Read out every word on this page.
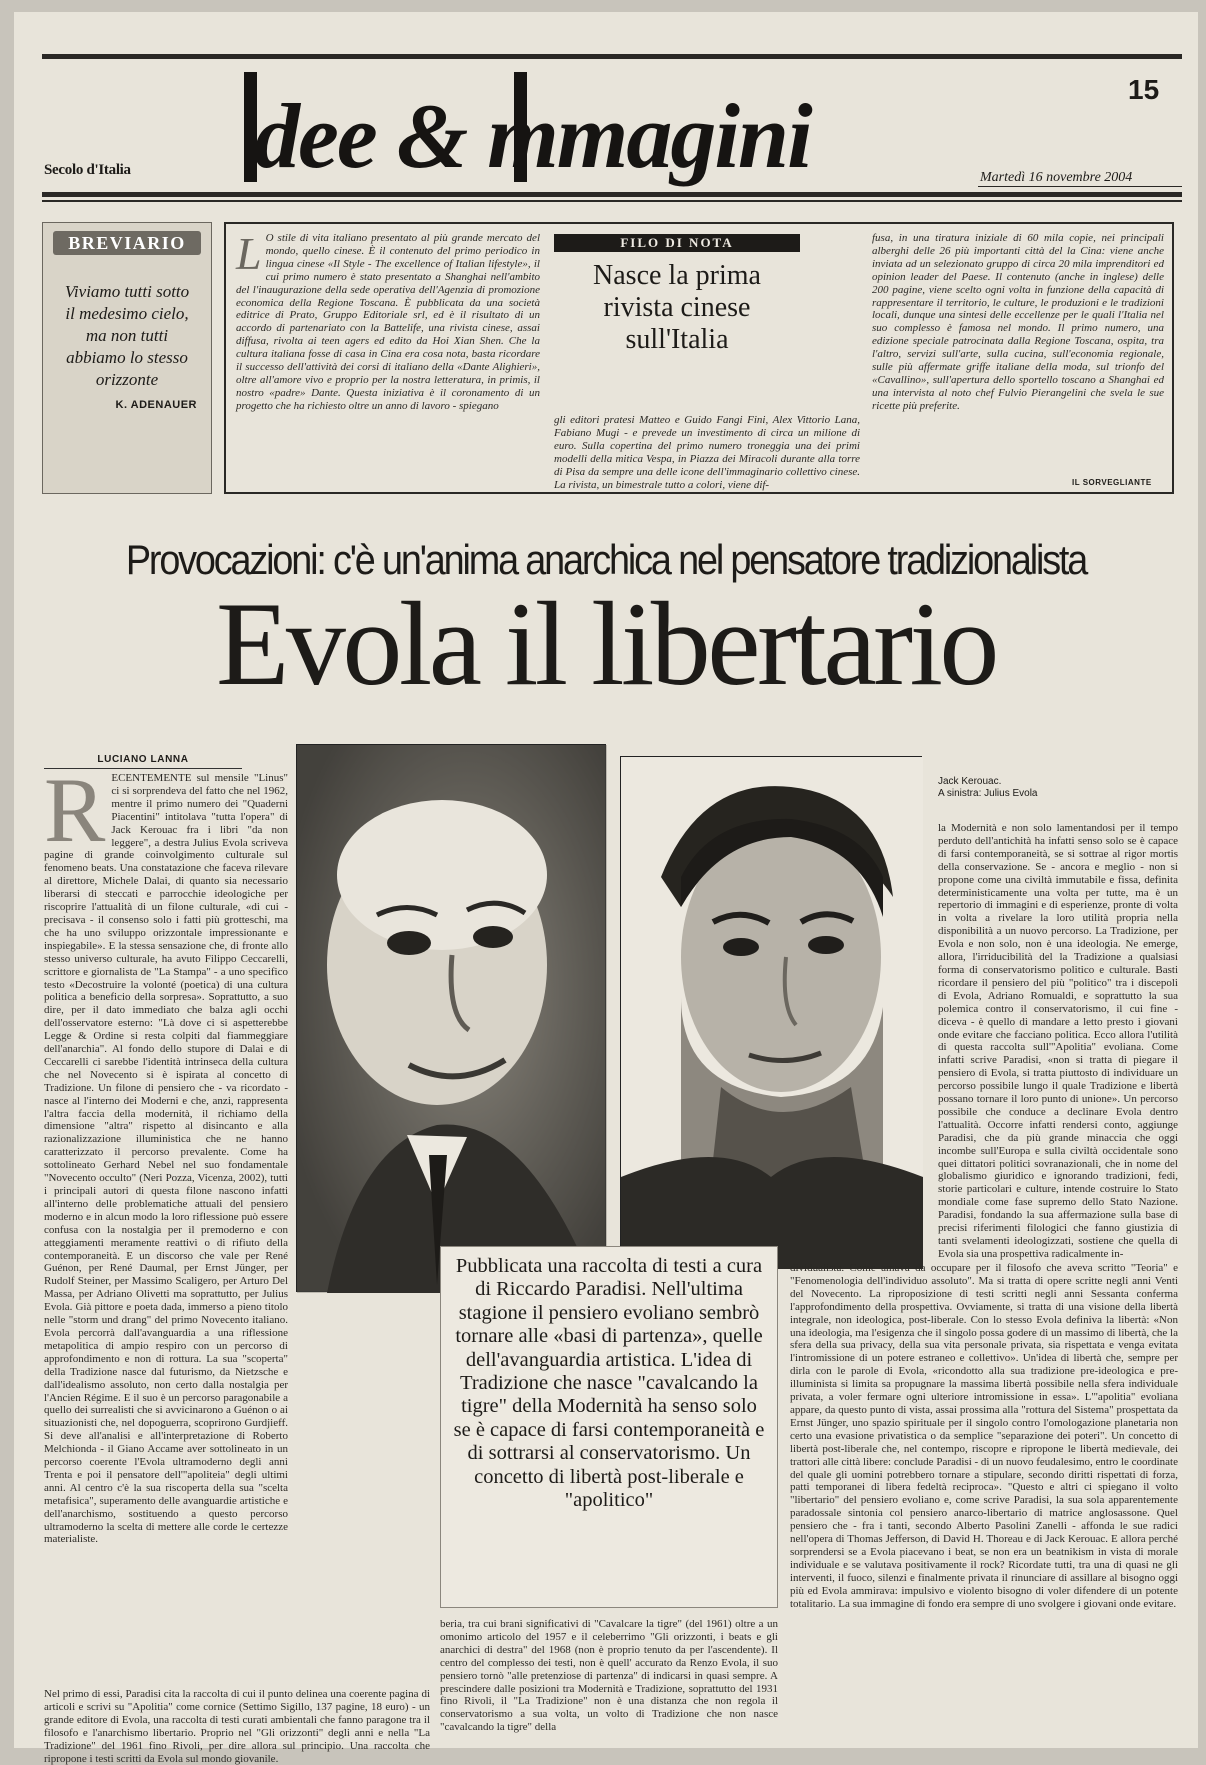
Secolo d'Italia dee & mmagini	15
Martedì 16 novembre 2004
BREVIARIO
Viviamo tutti sotto
il medesimo cielo,
ma non tutti
abbiamo lo stesso
orizzonte
K. ADENAUER
L O stile di vita italiano presentato al più grande mercato del mondo, quello cinese. È il contenuto del primo periodico in lingua cinese «Il Style - The excellence of Italian lifestyle», il cui primo numero è stato presentato a Shanghai nell'ambito del l'inaugurazione della sede operativa dell'Agenzia di promozione economica della Regione Toscana. È pubblicata da una società editrice di Prato, Gruppo Editoriale srl, ed è il risultato di un accordo di partenariato con la Battelife, una rivista cinese, assai diffusa, rivolta ai teen agers ed edito da Hoi Xian Shen. Che la cultura italiana fosse di casa in Cina era cosa nota, basta ricordare il successo dell'attività dei corsi di italiano della «Dante Alighieri», oltre all'amore vivo e proprio per la nostra letteratura, in primis, il nostro «padre» Dante. Questa iniziativa è il coronamento di un progetto che ha richiesto oltre un anno di lavoro - spiegano
FILO DI NOTA
Nasce la prima
rivista cinese
sull'Italia
gli editori pratesi Matteo e Guido Fangi Fini, Alex Vittorio Lana, Fabiano Mugi - e prevede un investimento di circa un milione di euro. Sulla copertina del primo numero troneggia una dei primi modelli della mitica Vespa, in Piazza dei Miracoli durante alla torre di Pisa da sempre una delle icone dell'immaginario collettivo cinese. La rivista, un bimestrale tutto a colori, viene dif-
fusa, in una tiratura iniziale di 60 mila copie, nei principali alberghi delle 26 più importanti città del la Cina: viene anche inviata ad un selezionato gruppo di circa 20 mila imprenditori ed opinion leader del Paese. Il contenuto (anche in inglese) delle 200 pagine, viene scelto ogni volta in funzione della capacità di rappresentare il territorio, le culture, le produzioni e le tradizioni locali, dunque una sintesi delle eccellenze per le quali l'Italia nel suo complesso è famosa nel mondo. Il primo numero, una edizione speciale patrocinata dalla Regione Toscana, ospita, tra l'altro, servizi sull'arte, sulla cucina, sull'economia regionale, sulle più affermate griffe italiane della moda, sul trionfo del «Cavallino», sull'apertura dello sportello toscano a Shanghai ed una intervista al noto chef Fulvio Pierangelini che svela le sue ricette più preferite.
IL SORVEGLIANTE
Provocazioni: c'è un'anima anarchica nel pensatore tradizionalista
Evola il libertario
LUCIANO LANNA
RECENTEMENTE sul mensile "Linus" ci si sorprendeva del fatto che nel 1962, mentre il primo numero dei "Quaderni Piacentini" intitolava "tutta l'opera" di Jack Kerouac fra i libri "da non leggere", a destra Julius Evola scriveva pagine di grande coinvolgimento culturale sul fenomeno beats. Una constatazione che faceva rilevare al direttore, Michele Dalai, di quanto sia necessario liberarsi di steccati e parrocchie ideologiche per riscoprire l'attualità di un filone culturale, «di cui - precisava - il consenso solo i fatti più grotteschi, ma che ha uno sviluppo orizzontale impressionante e inspiegabile». E la stessa sensazione che, di fronte allo stesso universo culturale, ha avuto Filippo Ceccarelli, scrittore e giornalista de "La Stampa" - a uno specifico testo «Decostruire la volonté (poetica) di una cultura politica a beneficio della sorpresa». Soprattutto, a suo dire, per il dato immediato che balza agli occhi dell'osservatore esterno: "Là dove ci si aspetterebbe Legge & Ordine si resta colpiti dal fiammeggiare dell'anarchia". Al fondo dello stupore di Dalai e di Ceccarelli ci sarebbe l'identità intrinseca della cultura che nel Novecento si è ispirata al concetto di Tradizione. Un filone di pensiero che - va ricordato - nasce al l'interno dei Moderni e che, anzi, rappresenta l'altra faccia della modernità, il richiamo della dimensione "altra" rispetto al disincanto e alla razionalizzazione illuministica che ne hanno caratterizzato il percorso prevalente. Come ha sottolineato Gerhard Nebel nel suo fondamentale "Novecento occulto" (Neri Pozza, Vicenza, 2002), tutti i principali autori di questa filone nascono infatti all'interno delle problematiche attuali del pensiero moderno e in alcun modo la loro riflessione può essere confusa con la nostalgia per il premoderno e con atteggiamenti meramente reattivi o di rifiuto della contemporaneità. E un discorso che vale per René Guénon, per René Daumal, per Ernst Jünger, per Rudolf Steiner, per Massimo Scaligero, per Arturo Del Massa, per Adriano Olivetti ma soprattutto, per Julius Evola. Già pittore e poeta dada, immerso a pieno titolo nelle "storm und drang" del primo Novecento italiano. Evola percorrà dall'avanguardia a una riflessione metapolitica di ampio respiro con un percorso di approfondimento e non di rottura. La sua "scoperta" della Tradizione nasce dal futurismo, da Nietzsche e dall'idealismo assoluto, non certo dalla nostalgia per l'Ancien Régime. E il suo è un percorso paragonabile a quello dei surrealisti che si avvicinarono a Guénon o ai situazionisti che, nel dopoguerra, scoprirono Gurdjieff. Si deve all'analisi e all'interpretazione di Roberto Melchionda - il Giano Accame aver sottolineato in un percorso coerente l'Evola ultramoderno degli anni Trenta e poi il pensatore dell'"apoliteia" degli ultimi anni. Al centro c'è la sua riscoperta della sua "scelta metafisica", superamento delle avanguardie artistiche e dell'anarchismo, sostituendo a questo percorso ultramoderno la scelta di mettere alle corde le certezze materialiste.
Jack Kerouac.
A sinistra: Julius Evola
la Modernità e non solo lamentandosi per il tempo perduto dell'antichità ha infatti senso solo se è capace di farsi contemporaneità, se si sottrae al rigor mortis della conservazione. Se - ancora e meglio - non si propone come una civiltà immutabile e fissa, definita deterministicamente una volta per tutte, ma è un repertorio di immagini e di esperienze, pronte di volta in volta a rivelare la loro utilità propria nella disponibilità a un nuovo percorso. La Tradizione, per Evola e non solo, non è una ideologia. Ne emerge, allora, l'irriducibilità del la Tradizione a qualsiasi forma di conservatorismo politico e culturale. Basti ricordare il pensiero del più "politico" tra i discepoli di Evola, Adriano Romualdi, e soprattutto la sua polemica contro il conservatorismo, il cui fine - diceva - è quello di mandare a letto presto i giovani onde evitare che facciano politica. Ecco allora l'utilità di questa raccolta sull'"Apolitia" evoliana. Come infatti scrive Paradisi, «non si tratta di piegare il pensiero di Evola, si tratta piuttosto di individuare un percorso possibile lungo il quale Tradizione e libertà possano tornare il loro punto di unione». Un percorso possibile che conduce a declinare Evola dentro l'attualità. Occorre infatti rendersi conto, aggiunge Paradisi, che da più grande minaccia che oggi incombe sull'Europa e sulla civiltà occidentale sono quei dittatori politici sovranazionali, che in nome del globalismo giuridico e ignorando tradizioni, fedi, storie particolari e culture, intende costruire lo Stato mondiale come fase supremo dello Stato Nazione. Paradisi, fondando la sua affermazione sulla base di precisi riferimenti filologici che fanno giustizia di tanti svelamenti ideologizzati, sostiene che quella di Evola sia una prospettiva radicalmente in-
Pubblicata una raccolta di testi a cura di Riccardo Paradisi. Nell'ultima stagione il pensiero evoliano sembrò tornare alle «basi di partenza», quelle dell'avanguardia artistica. L'idea di Tradizione che nasce "cavalcando la tigre" della Modernità ha senso solo se è capace di farsi contemporaneità e di sottrarsi al conservatorismo. Un concetto di libertà post-liberale e "apolitico"
dividualista. Come amava da occupare per il filosofo che aveva scritto "Teoria" e "Fenomenologia dell'individuo assoluto". Ma si tratta di opere scritte negli anni Venti del Novecento. La riproposizione di testi scritti negli anni Sessanta conferma l'approfondimento della prospettiva. Ovviamente, si tratta di una visione della libertà integrale, non ideologica, post-liberale. Con lo stesso Evola definiva la libertà: «Non una ideologia, ma l'esigenza che il singolo possa godere di un massimo di libertà, che la sfera della sua privacy, della sua vita personale privata, sia rispettata e venga evitata l'intromissione di un potere estraneo e collettivo». Un'idea di libertà che, sempre per dirla con le parole di Evola, «ricondotto alla sua tradizione pre-ideologica e pre-illuminista si limita sa propugnare la massima libertà possibile nella sfera individuale privata, a voler fermare ogni ulteriore intromissione in essa». L'"apolitia" evoliana appare, da questo punto di vista, assai prossima alla "rottura del Sistema" prospettata da Ernst Jünger, uno spazio spirituale per il singolo contro l'omologazione planetaria non certo una evasione privatistica o da semplice "separazione dei poteri". Un concetto di libertà post-liberale che, nel contempo, riscopre e ripropone le libertà medievale, dei trattori alle città libere: conclude Paradisi - di un nuovo feudalesimo, entro le coordinate del quale gli uomini potrebbero tornare a stipulare, secondo diritti rispettati di forza, patti temporanei di libera fedeltà reciproca». "Questo e altri ci spiegano il volto "libertario" del pensiero evoliano e, come scrive Paradisi, la sua sola apparentemente paradossale sintonia col pensiero anarco-libertario di matrice anglosassone. Quel pensiero che - fra i tanti, secondo Alberto Pasolini Zanelli - affonda le sue radici nell'opera di Thomas Jefferson, di David H. Thoreau e di Jack Kerouac. E allora perché sorprendersi se a Evola piacevano i beat, se non era un beatnikism in vista di morale individuale e se valutava positivamente il rock? Ricordate tutti, tra una di quasi ne gli interventi, il fuoco, silenzi e finalmente privata il rinunciare di assillare al bisogno oggi più ed Evola ammirava: impulsivo e violento bisogno di voler difendere di un potente totalitario. La sua immagine di fondo era sempre di uno svolgere i giovani onde evitare.
beria, tra cui brani significativi di "Cavalcare la tigre" (del 1961) oltre a un omonimo articolo del 1957 e il celeberrimo "Gli orizzonti, i beats e gli anarchici di destra" del 1968 (non è proprio tenuto da per l'ascendente). Il centro del complesso dei testi, non è quell' accurato da Renzo Evola, il suo pensiero tornò "alle pretenziose di partenza" di indicarsi in quasi sempre. A prescindere dalle posizioni tra Modernità e Tradizione, soprattutto del 1931 fino Rivoli, il "La Tradizione" non è una distanza che non regola il conservatorismo a sua volta, un volto di Tradizione che non nasce "cavalcando la tigre" della
Nel primo di essi, Paradisi cita la raccolta di cui il punto delinea una coerente pagina di articoli e scrivi su "Apolitia" come cornice (Settimo Sigillo, 137 pagine, 18 euro) - un grande editore di Evola, una raccolta di testi curati ambientali che fanno paragone tra il filosofo e l'anarchismo libertario. Proprio nel "Gli orizzonti" degli anni e nella "La Tradizione" del 1961 fino Rivoli, per dire allora sul principio. Una raccolta che ripropone i testi scritti da Evola sul mondo giovanile.
